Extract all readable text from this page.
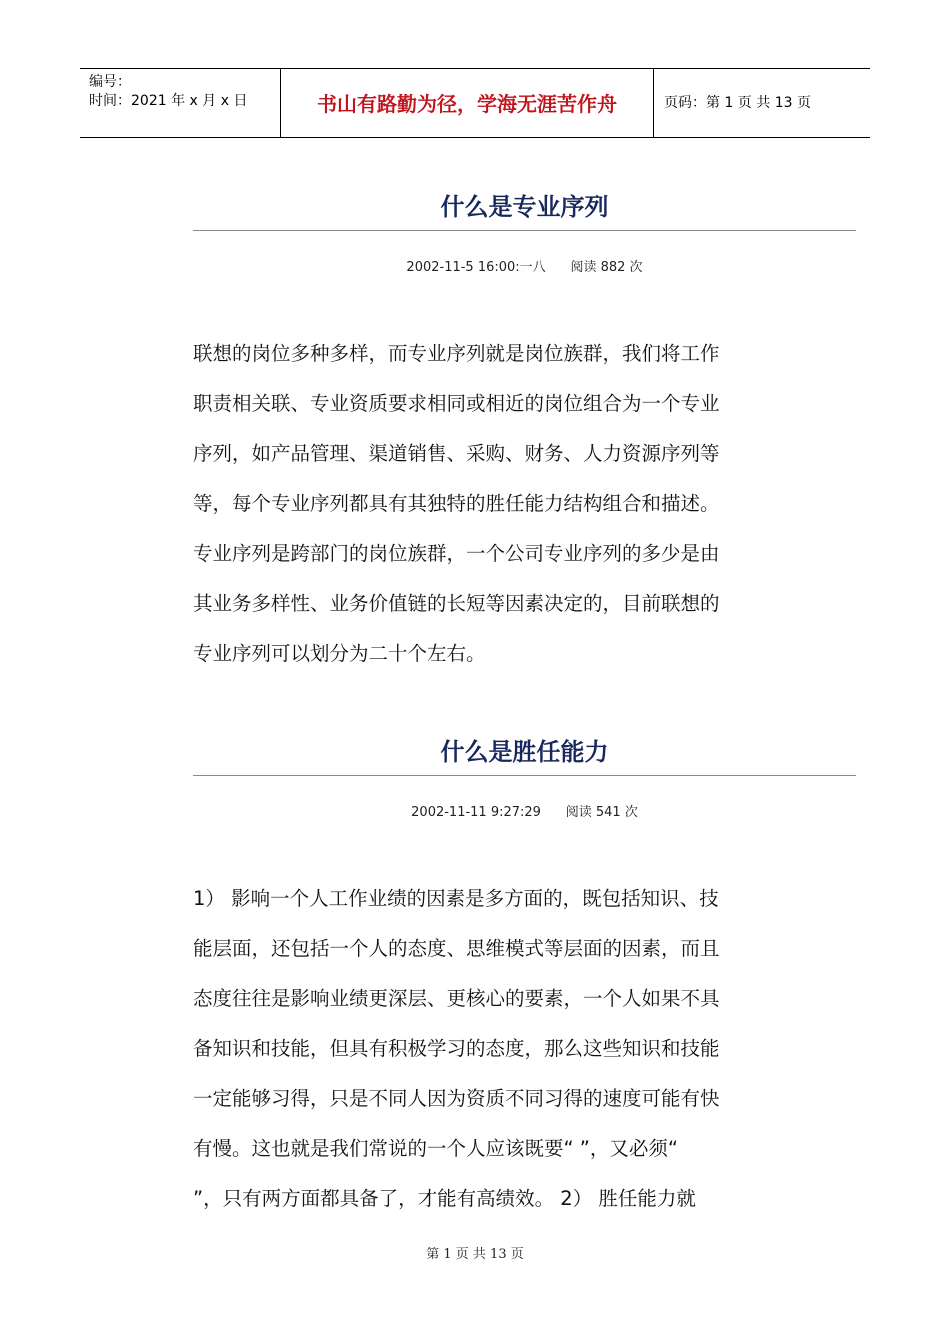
编号：
时间：2021 年 x 月 x 日	书山有路勤为径，学海无涯苦作舟	页码：第 1 页 共 13 页
什么是专业序列
2002-11-5 16:00:一八      阅读 882 次
联想的岗位多种多样，而专业序列就是岗位族群，我们将工作
职责相关联、专业资质要求相同或相近的岗位组合为一个专业
序列，如产品管理、渠道销售、采购、财务、人力资源序列等
等，每个专业序列都具有其独特的胜任能力结构组合和描述。
专业序列是跨部门的岗位族群，一个公司专业序列的多少是由
其业务多样性、业务价值链的长短等因素决定的，目前联想的
专业序列可以划分为二十个左右。
什么是胜任能力
2002-11-11 9:27:29      阅读 541 次
1） 影响一个人工作业绩的因素是多方面的，既包括知识、技
能层面，还包括一个人的态度、思维模式等层面的因素，而且
态度往往是影响业绩更深层、更核心的要素，一个人如果不具
备知识和技能，但具有积极学习的态度，那么这些知识和技能
一定能够习得，只是不同人因为资质不同习得的速度可能有快
有慢。这也就是我们常说的一个人应该既要“ ”，又必须“
”，只有两方面都具备了，才能有高绩效。 2） 胜任能力就
第 1 页 共 13 页
